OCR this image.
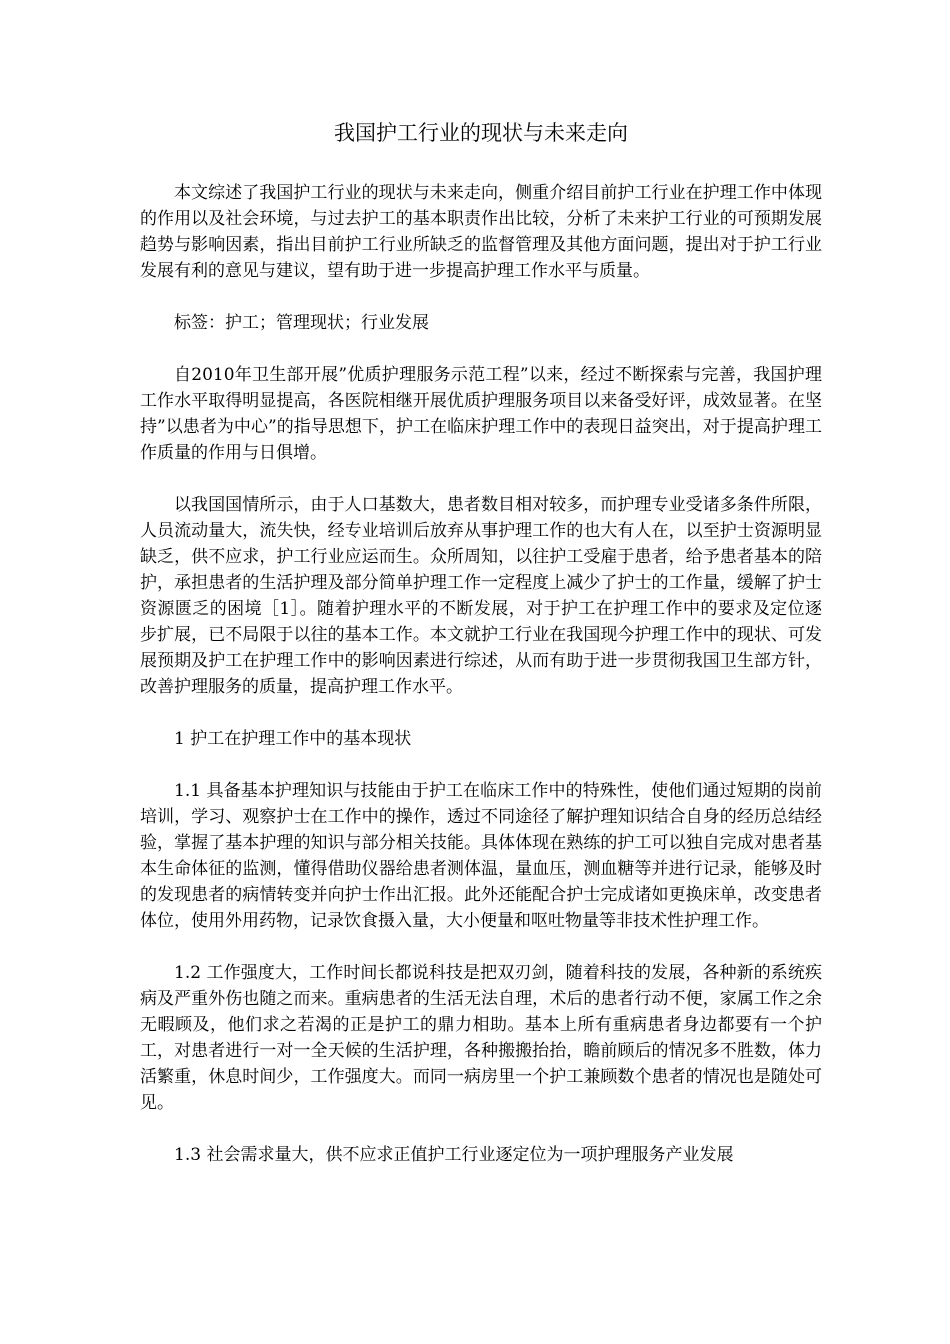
我国护工行业的现状与未来走向

本文综述了我国护工行业的现状与未来走向，侧重介绍目前护工行业在护理工作中体现的作用以及社会环境，与过去护工的基本职责作出比较，分析了未来护工行业的可预期发展趋势与影响因素，指出目前护工行业所缺乏的监督管理及其他方面问题，提出对于护工行业发展有利的意见与建议，望有助于进一步提高护理工作水平与质量。

标签：护工；管理现状；行业发展

自2010年卫生部开展”优质护理服务示范工程”以来，经过不断探索与完善，我国护理工作水平取得明显提高，各医院相继开展优质护理服务项目以来备受好评，成效显著。在坚持”以患者为中心”的指导思想下，护工在临床护理工作中的表现日益突出，对于提高护理工作质量的作用与日俱增。

以我国国情所示，由于人口基数大，患者数目相对较多，而护理专业受诸多条件所限，人员流动量大，流失快，经专业培训后放弃从事护理工作的也大有人在，以至护士资源明显缺乏，供不应求，护工行业应运而生。众所周知，以往护工受雇于患者，给予患者基本的陪护，承担患者的生活护理及部分简单护理工作一定程度上减少了护士的工作量，缓解了护士资源匮乏的困境［1］。随着护理水平的不断发展，对于护工在护理工作中的要求及定位逐步扩展，已不局限于以往的基本工作。本文就护工行业在我国现今护理工作中的现状、可发展预期及护工在护理工作中的影响因素进行综述，从而有助于进一步贯彻我国卫生部方针，改善护理服务的质量，提高护理工作水平。

1 护工在护理工作中的基本现状

1.1 具备基本护理知识与技能由于护工在临床工作中的特殊性，使他们通过短期的岗前培训，学习、观察护士在工作中的操作，透过不同途径了解护理知识结合自身的经历总结经验，掌握了基本护理的知识与部分相关技能。具体体现在熟练的护工可以独自完成对患者基本生命体征的监测，懂得借助仪器给患者测体温，量血压，测血糖等并进行记录，能够及时的发现患者的病情转变并向护士作出汇报。此外还能配合护士完成诸如更换床单，改变患者体位，使用外用药物，记录饮食摄入量，大小便量和呕吐物量等非技术性护理工作。

1.2 工作强度大，工作时间长都说科技是把双刃剑，随着科技的发展，各种新的系统疾病及严重外伤也随之而来。重病患者的生活无法自理，术后的患者行动不便，家属工作之余无暇顾及，他们求之若渴的正是护工的鼎力相助。基本上所有重病患者身边都要有一个护工，对患者进行一对一全天候的生活护理，各种搬搬抬抬，瞻前顾后的情况多不胜数，体力活繁重，休息时间少，工作强度大。而同一病房里一个护工兼顾数个患者的情况也是随处可见。

1.3 社会需求量大，供不应求正值护工行业逐定位为一项护理服务产业发展
